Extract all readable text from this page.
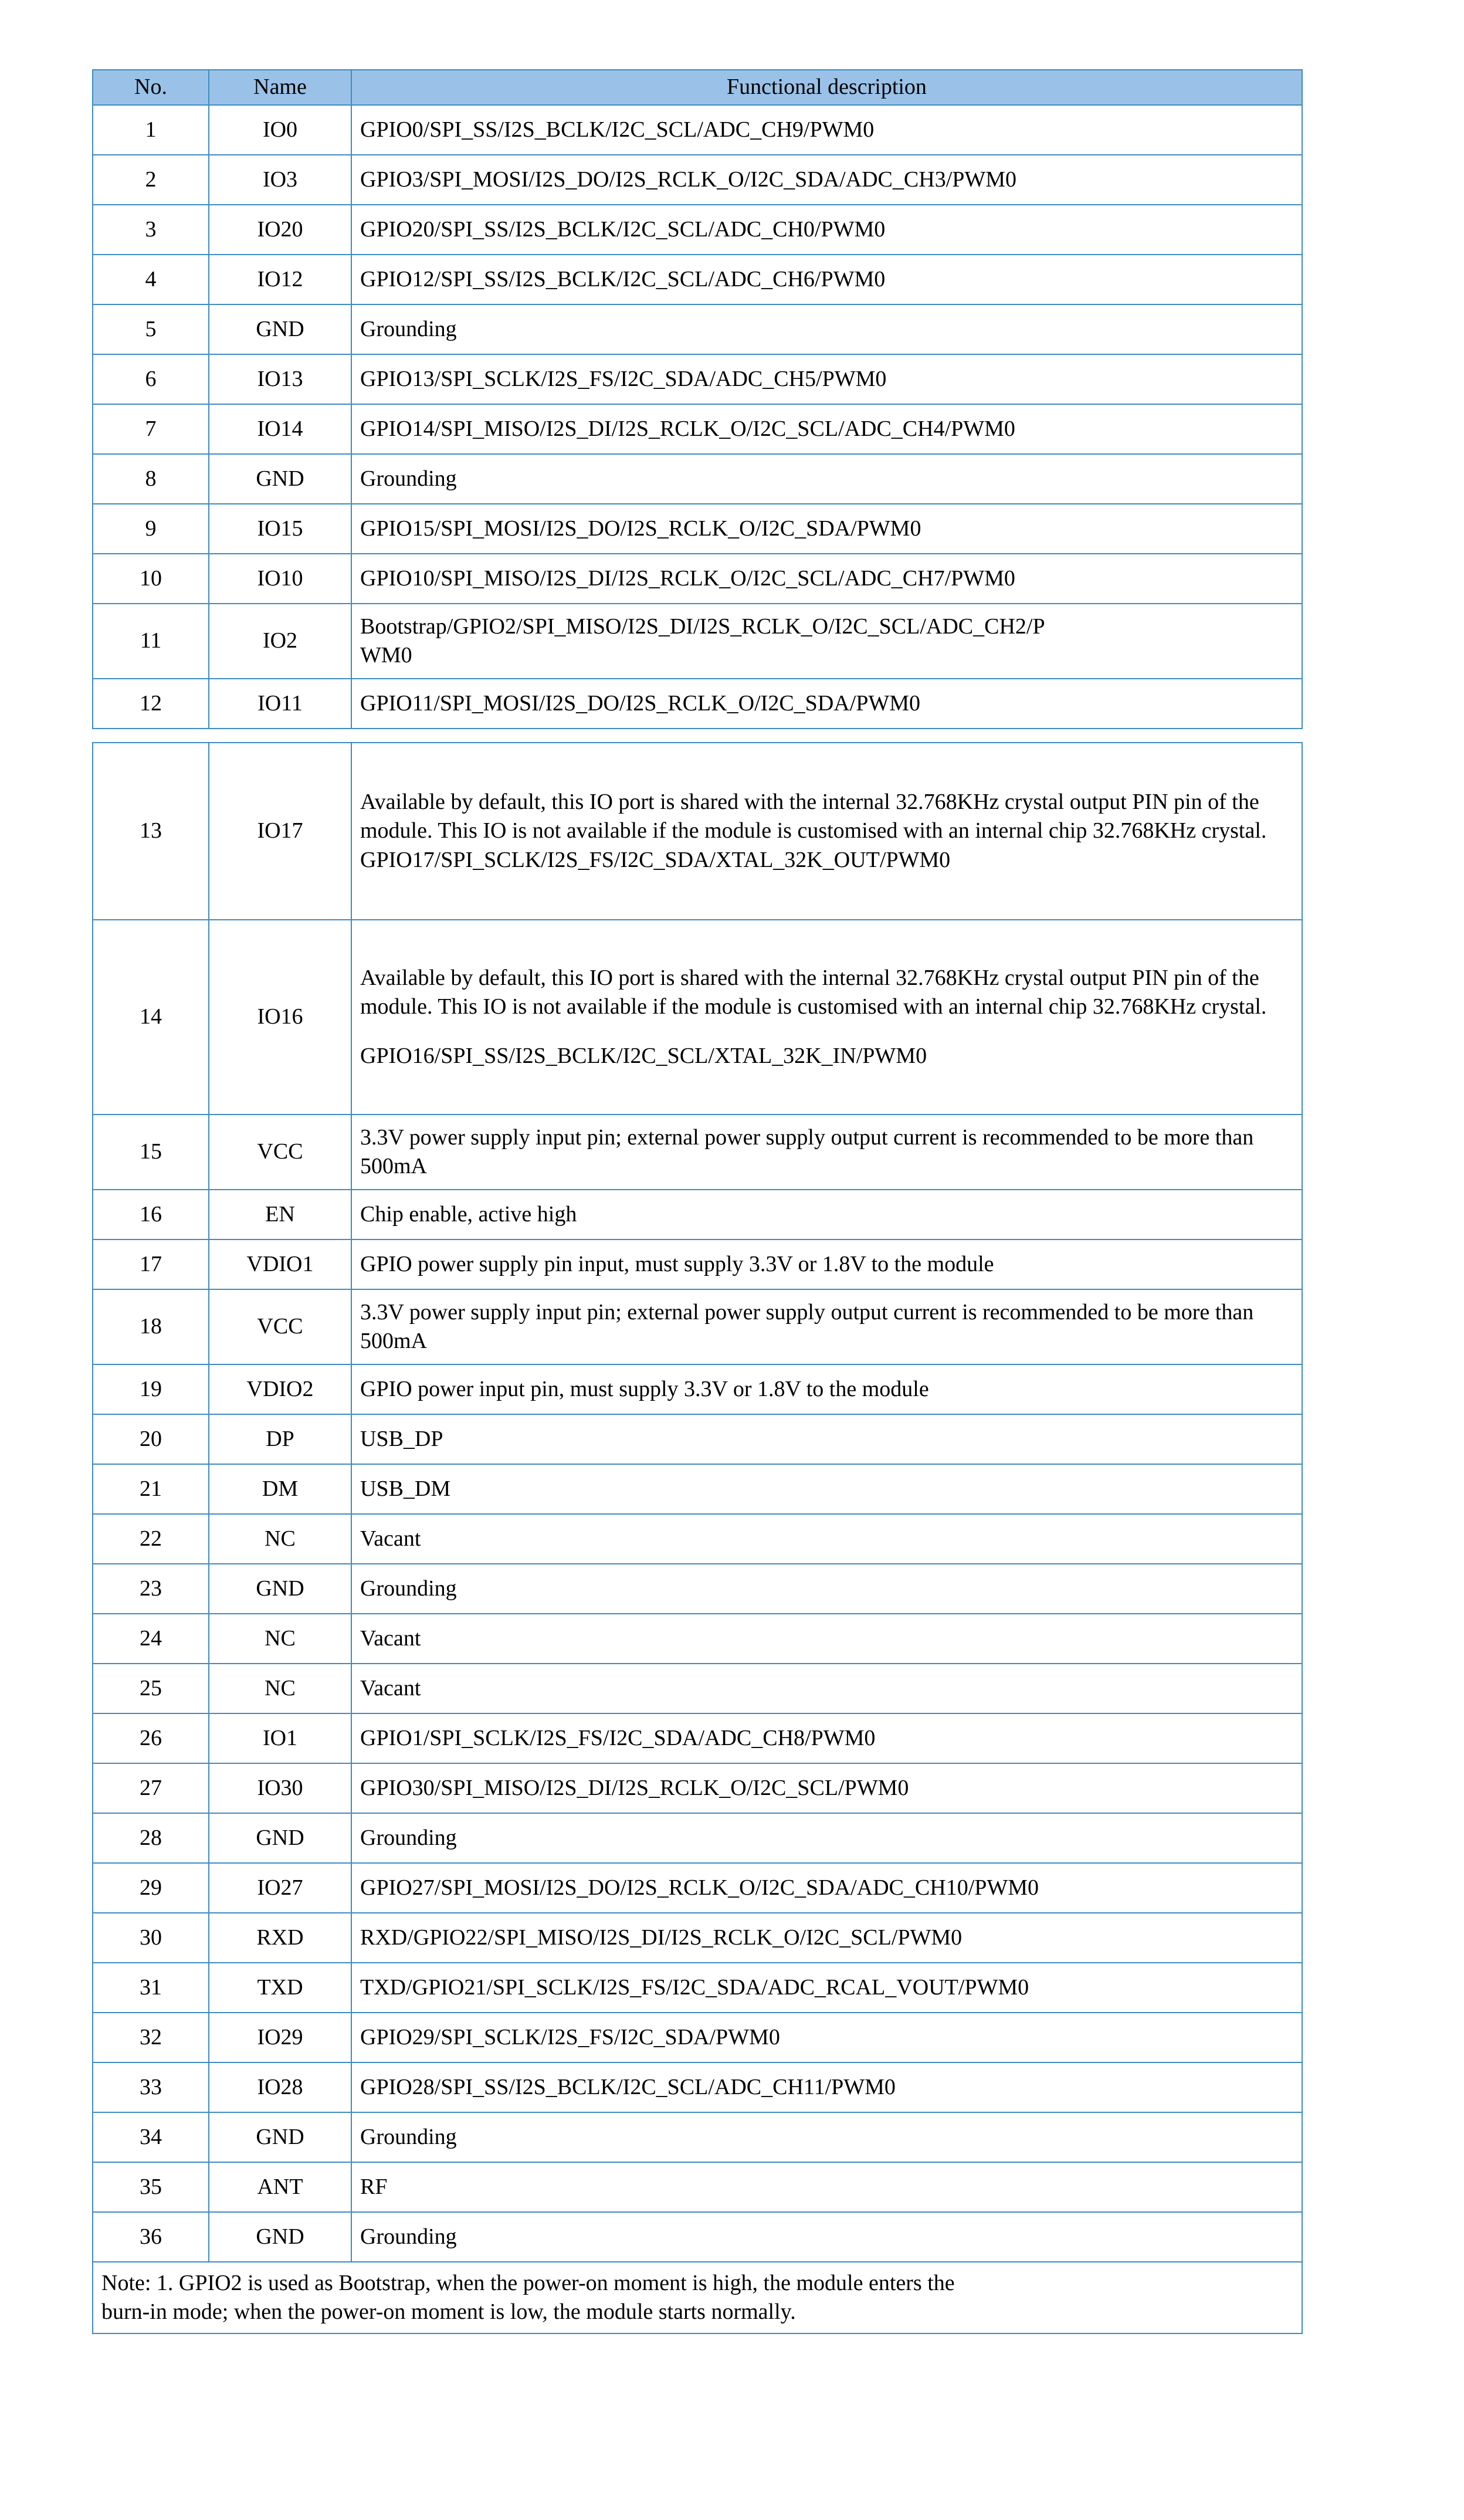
No.	Name	Functional description
1	IO0	GPIO0/SPI_SS/I2S_BCLK/I2C_SCL/ADC_CH9/PWM0
2	IO3	GPIO3/SPI_MOSI/I2S_DO/I2S_RCLK_O/I2C_SDA/ADC_CH3/PWM0
3	IO20	GPIO20/SPI_SS/I2S_BCLK/I2C_SCL/ADC_CH0/PWM0
4	IO12	GPIO12/SPI_SS/I2S_BCLK/I2C_SCL/ADC_CH6/PWM0
5	GND	Grounding
6	IO13	GPIO13/SPI_SCLK/I2S_FS/I2C_SDA/ADC_CH5/PWM0
7	IO14	GPIO14/SPI_MISO/I2S_DI/I2S_RCLK_O/I2C_SCL/ADC_CH4/PWM0
8	GND	Grounding
9	IO15	GPIO15/SPI_MOSI/I2S_DO/I2S_RCLK_O/I2C_SDA/PWM0
10	IO10	GPIO10/SPI_MISO/I2S_DI/I2S_RCLK_O/I2C_SCL/ADC_CH7/PWM0
11	IO2	Bootstrap/GPIO2/SPI_MISO/I2S_DI/I2S_RCLK_O/I2C_SCL/ADC_CH2/P
WM0

12	IO11	GPIO11/SPI_MOSI/I2S_DO/I2S_RCLK_O/I2C_SDA/PWM0
13	IO17	Available by default, this IO port is shared with the internal 32.768KHz crystal output PIN pin of the module. This IO is not available if the module is customised with an internal chip 32.768KHz crystal.
GPIO17/SPI_SCLK/I2S_FS/I2C_SDA/XTAL_32K_OUT/PWM0

14	IO16	Available by default, this IO port is shared with the internal 32.768KHz crystal output PIN pin of the module. This IO is not available if the module is customised with an internal chip 32.768KHz crystal.
GPIO16/SPI_SS/I2S_BCLK/I2C_SCL/XTAL_32K_IN/PWM0

15	VCC	3.3V power supply input pin; external power supply output current is recommended to be more than 500mA
16	EN	Chip enable, active high
17	VDIO1	GPIO power supply pin input, must supply 3.3V or 1.8V to the module
18	VCC	3.3V power supply input pin; external power supply output current is recommended to be more than 500mA
19	VDIO2	GPIO power input pin, must supply 3.3V or 1.8V to the module
20	DP	USB_DP
21	DM	USB_DM
22	NC	Vacant
23	GND	Grounding
24	NC	Vacant
25	NC	Vacant
26	IO1	GPIO1/SPI_SCLK/I2S_FS/I2C_SDA/ADC_CH8/PWM0
27	IO30	GPIO30/SPI_MISO/I2S_DI/I2S_RCLK_O/I2C_SCL/PWM0
28	GND	Grounding
29	IO27	GPIO27/SPI_MOSI/I2S_DO/I2S_RCLK_O/I2C_SDA/ADC_CH10/PWM0
30	RXD	RXD/GPIO22/SPI_MISO/I2S_DI/I2S_RCLK_O/I2C_SCL/PWM0
31	TXD	TXD/GPIO21/SPI_SCLK/I2S_FS/I2C_SDA/ADC_RCAL_VOUT/PWM0
32	IO29	GPIO29/SPI_SCLK/I2S_FS/I2C_SDA/PWM0
33	IO28	GPIO28/SPI_SS/I2S_BCLK/I2C_SCL/ADC_CH11/PWM0
34	GND	Grounding
35	ANT	RF
36	GND	Grounding

Note: 1. GPIO2 is used as Bootstrap, when the power-on moment is high, the module enters the
burn-in mode; when the power-on moment is low, the module starts normally.		
